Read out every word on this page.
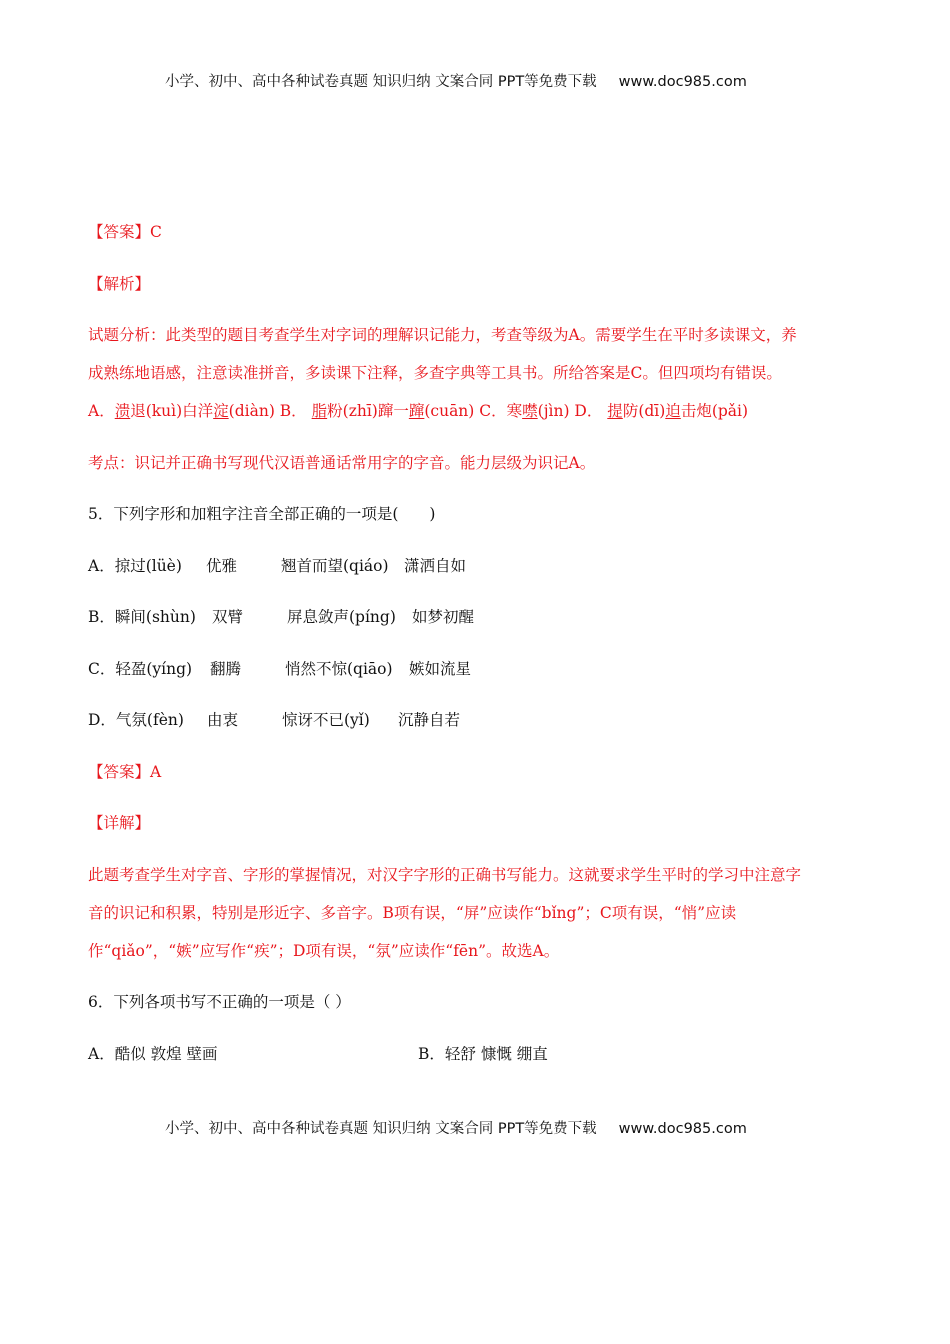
小学、初中、高中各种试卷真题 知识归纳 文案合同 PPT等免费下载 www.doc985.com
【答案】C
【解析】
试题分析：此类型的题目考查学生对字词的理解识记能力，考查等级为A。需要学生在平时多读课文，养
成熟练地语感，注意读准拼音，多读课下注释，多查字典等工具书。所给答案是C。但四项均有错误。
A．溃退(kuì)白洋淀(diàn) B． 脂粉(zhī)蹿一蹿(cuān) C．寒噤(jìn) D． 提防(dī)迫击炮(pǎi)
考点：识记并正确书写现代汉语普通话常用字的字音。能力层级为识记A。
5．下列字形和加粗字注音全部正确的一项是(　　)
A．掠过(lüè) 优雅	翘首而望(qiáo) 潇洒自如
B．瞬间(shùn) 双臂	屏息敛声(píng) 如梦初醒
C．轻盈(yíng) 翻腾	悄然不惊(qiāo) 嫉如流星
D．气氛(fèn) 由衷	惊讶不已(yǐ) 沉静自若
【答案】A
【详解】
此题考查学生对字音、字形的掌握情况，对汉字字形的正确书写能力。这就要求学生平时的学习中注意字
音的识记和积累，特别是形近字、多音字。B项有误，“屏”应读作“bǐng”；C项有误，“悄”应读
作“qiǎo”，“嫉”应写作“疾”；D项有误，“氛”应读作“fēn”。故选A。
6．下列各项书写不正确的一项是（ ）
A．酷似 敦煌 壁画	B．轻舒 慷慨 绷直
小学、初中、高中各种试卷真题 知识归纳 文案合同 PPT等免费下载 www.doc985.com
